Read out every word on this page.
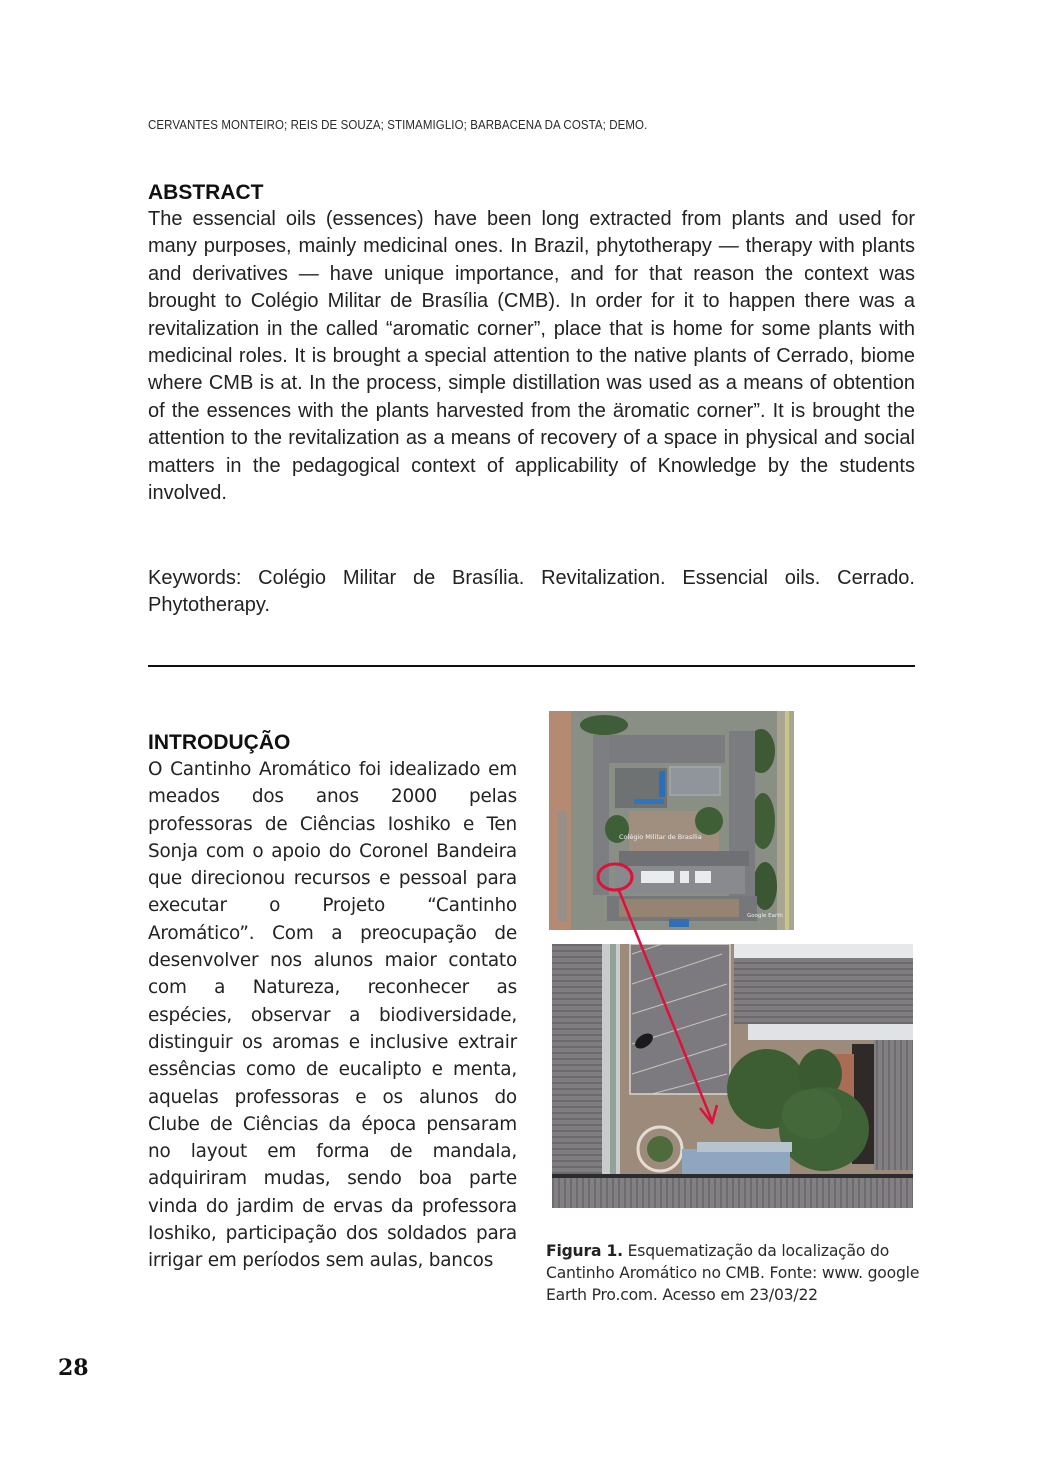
CERVANTES MONTEIRO; REIS DE SOUZA; STIMAMIGLIO; BARBACENA DA COSTA; DEMO.
ABSTRACT

The essencial oils (essences) have been long extracted from plants and used for many purposes, mainly medicinal ones. In Brazil, phytotherapy — therapy with plants and derivatives — have unique importance, and for that reason the context was brought to Colégio Militar de Brasília (CMB). In order for it to happen there was a revitalization in the called “aromatic corner”, place that is home for some plants with medicinal roles. It is brought a special attention to the native plants of Cerrado, biome where CMB is at. In the process, simple distillation was used as a means of obtention of the essences with the plants harvested from the äromatic corner”. It is brought the attention to the revitalization as a means of recovery of a space in physical and social matters in the pedagogical context of applicability of Knowledge by the students involved.

Keywords: Colégio Militar de Brasília. Revitalization. Essencial oils. Cerrado. Phytotherapy.

INTRODUÇÃO

O Cantinho Aromático foi idealizado em meados dos anos 2000 pelas professoras de Ciências Ioshiko e Ten Sonja com o apoio do Coronel Bandeira que direcionou recursos e pessoal para executar o Projeto “Cantinho Aromático”. Com a preocupação de desenvolver nos alunos maior contato com a Natureza, reconhecer as espécies, observar a biodiversidade, distinguir os aromas e inclusive extrair essências como de eucalipto e menta, aquelas professoras e os alunos do Clube de Ciências da época pensaram no layout em forma de mandala, adquiriram mudas, sendo boa parte vinda do jardim de ervas da professora Ioshiko, participação dos soldados para irrigar em períodos sem aulas, bancos

Colégio Militar de Brasília
Google Earth
Figura 1. Esquematização da localização do Cantinho Aromático no CMB. Fonte: www. google Earth Pro.com. Acesso em 23/03/22
28
